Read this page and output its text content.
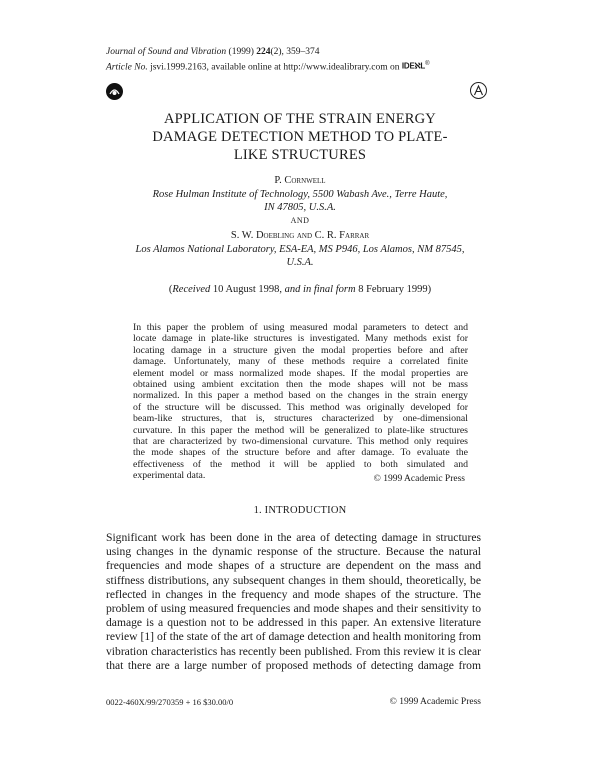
Journal of Sound and Vibration (1999) 224(2), 359–374
Article No. jsvi.1999.2163, available online at http://www.idealibrary.com on IDEℵL®
APPLICATION OF THE STRAIN ENERGY
DAMAGE DETECTION METHOD TO PLATE-
LIKE STRUCTURES
P. Cornwell
Rose Hulman Institute of Technology, 5500 Wabash Ave., Terre Haute,
IN 47805, U.S.A.
AND
S. W. Doebling and C. R. Farrar
Los Alamos National Laboratory, ESA-EA, MS P946, Los Alamos, NM 87545,
U.S.A.
(Received 10 August 1998, and in final form 8 February 1999)
In this paper the problem of using measured modal parameters to detect and
locate damage in plate-like structures is investigated. Many methods exist for
locating damage in a structure given the modal properties before and after
damage. Unfortunately, many of these methods require a correlated finite
element model or mass normalized mode shapes. If the modal properties are
obtained using ambient excitation then the mode shapes will not be mass
normalized. In this paper a method based on the changes in the strain energy
of the structure will be discussed. This method was originally developed for
beam-like structures, that is, structures characterized by one-dimensional
curvature. In this paper the method will be generalized to plate-like structures
that are characterized by two-dimensional curvature. This method only requires
the mode shapes of the structure before and after damage. To evaluate the
effectiveness of the method it will be applied to both simulated and
experimental data.	© 1999 Academic Press
1. INTRODUCTION
Significant work has been done in the area of detecting damage in structures
using changes in the dynamic response of the structure. Because the natural
frequencies and mode shapes of a structure are dependent on the mass and
stiffness distributions, any subsequent changes in them should, theoretically, be
reflected in changes in the frequency and mode shapes of the structure. The
problem of using measured frequencies and mode shapes and their sensitivity to
damage is a question not to be addressed in this paper. An extensive literature
review [1] of the state of the art of damage detection and health monitoring from
vibration characteristics has recently been published. From this review it is clear
that there are a large number of proposed methods of detecting damage from
0022-460X/99/270359 + 16 $30.00/0	© 1999 Academic Press
